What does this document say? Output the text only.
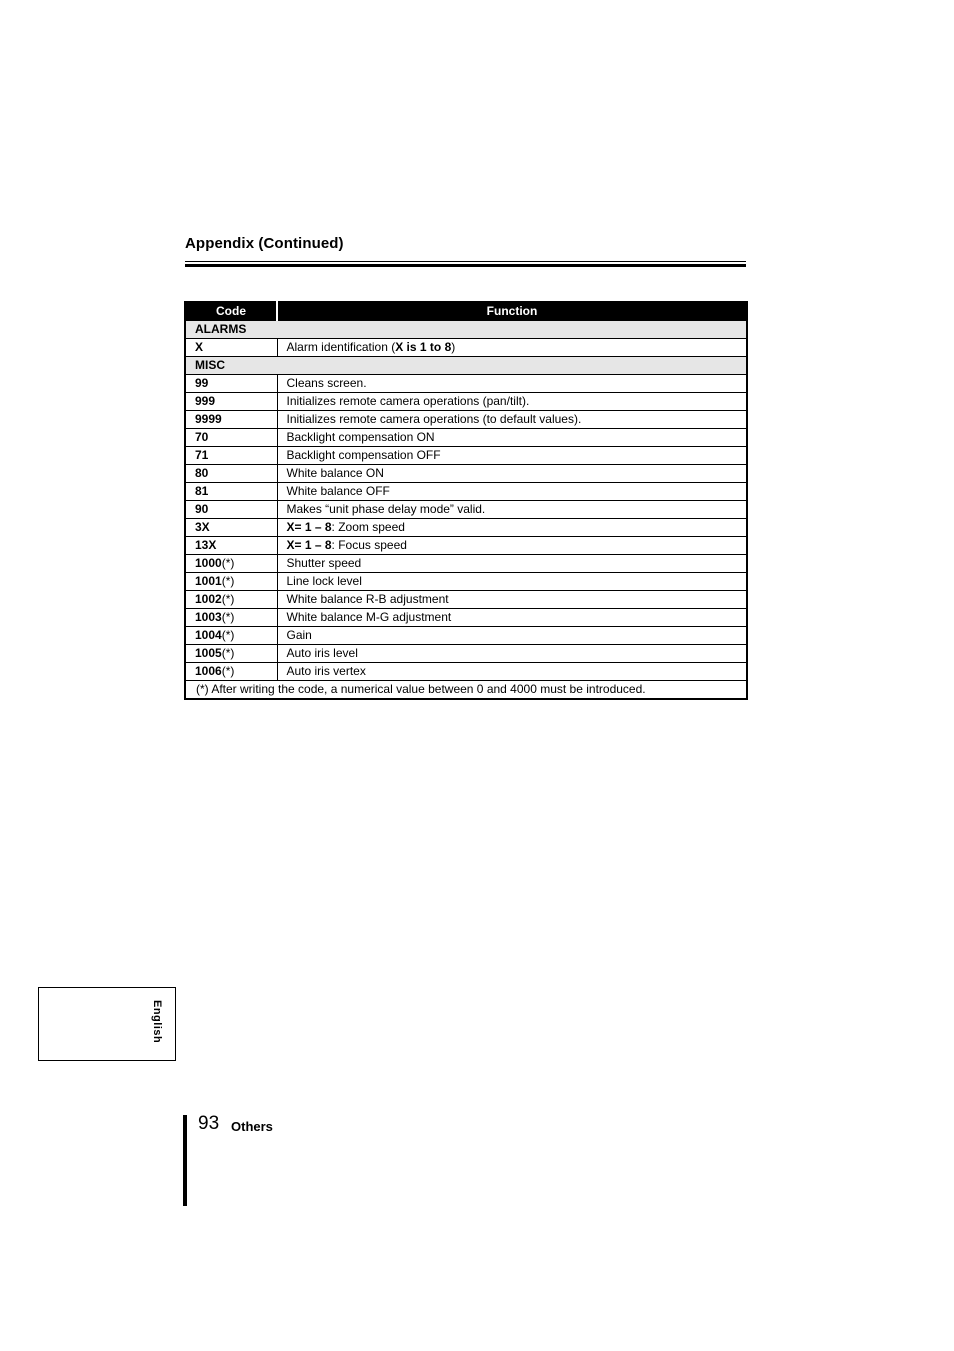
Appendix (Continued)
Code	Function
ALARMS	
X	Alarm identification (X is 1 to 8)
MISC	
99	Cleans screen.
999	Initializes remote camera operations (pan/tilt).
9999	Initializes remote camera operations (to default values).
70	Backlight compensation ON
71	Backlight compensation OFF
80	White balance ON
81	White balance OFF
90	Makes “unit phase delay mode” valid.
3X	X= 1 – 8: Zoom speed
13X	X= 1 – 8: Focus speed
1000(*)	Shutter speed
1001(*)	Line lock level
1002(*)	White balance R-B adjustment
1003(*)	White balance M-G adjustment
1004(*)	Gain
1005(*)	Auto iris level
1006(*)	Auto iris vertex
(*) After writing the code, a numerical value between 0 and 4000 must be introduced.	
English
93 Others
